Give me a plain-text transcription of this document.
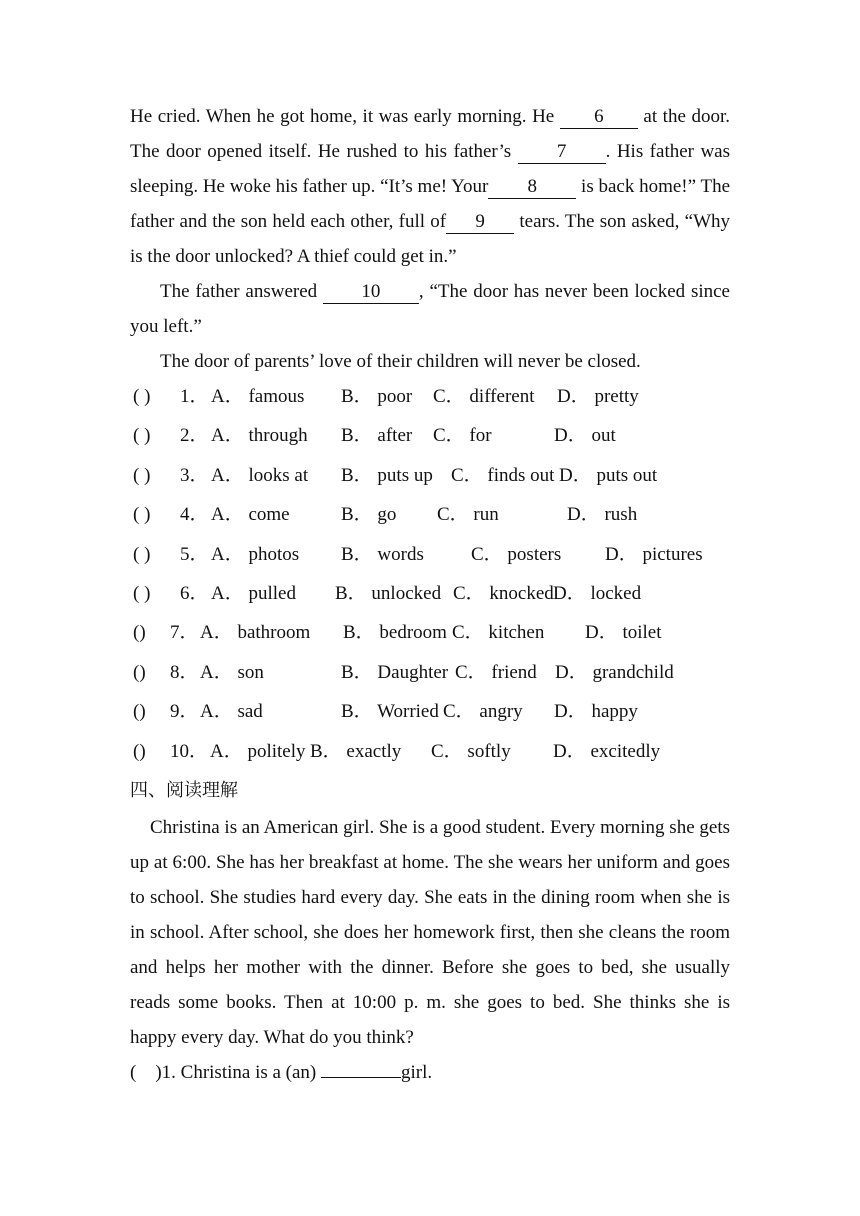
He cried. When he got home, it was early morning. He 6 at the door. The door opened itself. He rushed to his father’s 7 . His father was sleeping. He woke his father up. “It’s me! Your 8 is back home!” The father and the son held each other, full of 9 tears. The son asked, “Why is the door unlocked? A thief could get in.”

The father answered 10 , “The door has never been locked since you left.”

The door of parents’ love of their children will never be closed.

( ) 1． A． famous B． poor C． different D． pretty
( ) 2． A． through B． after C． for	D． out
( ) 3． A． looks at B． puts up C． finds out D． puts out
( ) 4． A． come	B． go C． run	D． rush
( ) 5． A． photos B． words C． posters D． pictures
( ) 6． A． pulled B． unlocked C． knocked D． locked
() 7． A． bathroom B． bedroom C． kitchen D． toilet
() 8． A． son	B． Daughter C． friend D． grandchild
() 9． A． sad	B． Worried C． angry D． happy
() 10． A． politely B． exactly C． softly D． excitedly
四、阅读理解

Christina is an American girl. She is a good student. Every morning she gets up at 6:00. She has her breakfast at home. The she wears her uniform and goes to school. She studies hard every day. She eats in the dining room when she is in school. After school, she does her homework first, then she cleans the room and helps her mother with the dinner. Before she goes to bed, she usually reads some books. Then at 10:00 p. m. she goes to bed. She thinks she is happy every day. What do you think?

(    )1. Christina is a (an)	girl.
